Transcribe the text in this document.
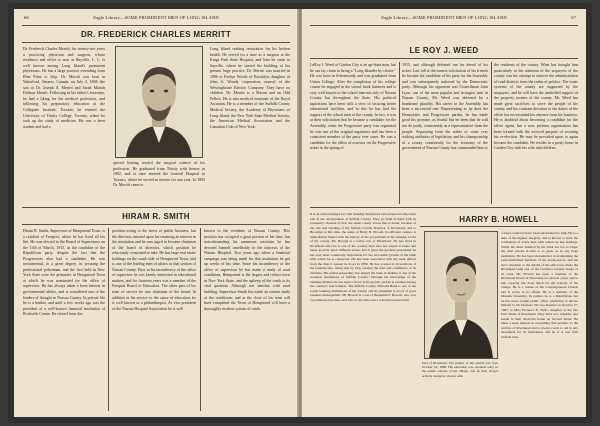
66	Eagle Library—SOME PROMINENT MEN OF LONG ISLAND
DR. FREDERICK CHARLES MERRITT
Dr. Frederick Charles Merritt, for twenty-two years a practicing physician and surgeon, whose residence and office is now at Bayville, L. I., is well known among Long Island's prominent physicians. He has a large practice extending from Blue Point to Islip. Dr. Merritt was born in Waterford, Ontario, Canada, on July 4, 1868, the son of Dr. Joseph A. Merritt and Sarah Mariah Dobson Merritt. Following in his father's footsteps, he had a liking for the medical profession, and following his preparatory education at the Collegiate Institute, Toronto, he entered the University of Trinity College, Toronto, where he took up the study of medicine. He was a keen student and had a
special leaning toward the surgical science of his profession. He graduated from Trinity with honors in 1892, and at once entered the General Hospital in Toronto, where he served as interne for one year. In 1893 Dr. Merritt came to
Long Island seeking restoration for his broken health. He served for a time as a surgeon at the Kings Park State Hospital, and later he came to Sayville, where he started the building of his present large practice. Dr. Merritt was married in 1906 to Evelyn Woods of Brooklyn, daughter of John A. Woods, corporation counsel of the Westinghouse Electric Company. They have no children. Dr. Merritt is a Mason and an Odd Fellow. He is also medical examiner of the Royal Arcanum. He is a member of the Suffolk County Medical Society, the Academy of Physicians of Long Island, the New York State Medical Society, the American Medical Association and the Canadian Club of New York.
HIRAM R. SMITH
Hiram R. Smith, Supervisor of Hempstead Town, is a resident of Freeport, where he has lived all his life. He was elected to the Board of Supervisors on the 15th of March, 1915, as the candidate of the Republican party, despite the fact that the Progressives also had a candidate. He was instrumental, to a great degree, in securing the professional policeman, and the first held in New York State were the primaries in Hempstead Town at which he was nominated for the office of supervisor. He has always taken a keen interest in governmental affairs, and is considered one of the leaders of thought in Nassau County. In private life he is a banker, and until a few weeks ago was the president of a well-known financial institution of Rockville Centre. He retired from this
position owing to the stress of public business, but the directors insisted upon his retaining an interest in the institution and he was urged to become chairman of the board of directors, which position he reluctantly consented to take. He has large real estate holdings on the south side of Hempstead Town, and is one of the leading men of affairs in that section of Nassau County. Prior to his incumbency of the office of supervisor he was keenly interested in educational matters, and for fourteen years was a member of the Freeport Board of Education. The other part of his term of service he was chairman of the board. In addition to his service to the cause of education, he is well known as a philanthropist. As vice president of the Nassau Hospital Association he is well
known to the residents of Nassau County. This position has occupied a great portion of his time, but notwithstanding his numerous activities he has devoted himself unselfishly to the interests of the Nassau Hospital. Two years ago when a financial campaign was being made for that institution he got up weeks of his time. Since his incumbency of the office of supervisor he has made a study of road conditions. Hempstead is the largest and richest town in New York State, and the upkeep of the roads is its vital question. Although not familiar with road building, Supervisor Smith has made an earnest study of the conditions, and at the close of his term will have completed the Town of Hempstead will have a thoroughly modern system of roads.
Eagle Library—SOME PROMINENT MEN OF LONG ISLAND	67
LE ROY J. WEED
LeRoy J. Weed of Garden City is an up-State man, but he can lay claim to being a "Long Islander by choice." He was born in Schenectady and was graduated from Union College. After the completion of his college course he engaged in the school book business and is very well known to the school men not only of Nassau County but throughout the State. His political aspirations have been with a view of securing better educational facilities, and in this he has had the support of the school men of the county. In fact, it was at their solicitation that he became a candidate for the Assembly, when the Progressive party was organized he was one of the original organizers and has been a consistent member of the party ever since. He was a candidate for the office of assessor on the Progressive ticket in the spring of
1915, and although defeated ran far ahead of his ticket. Last fall at the earnest solicitation of his friends he became the candidate of his party for the Assembly and was subsequently indorsed by the Democratic party. Although his opponent was Councilman John Lyon, one of the most popular and strongest men in Nassau County, Mr. Weed was defeated by a handsome plurality. His career in the Assembly has been a successful one. Representing as he does the Democratic and Progressive parties, he has made good his promise, as fearful has he been that he will not do justly, consistently as a representative from the people. Separating from the rather of some very striking attributes of legislation, and his championship of a county consistently for the economy of the government of Nassau County has commanded him to
the residents of the county. What has brought him particularly to the attention of the taxpayers of the county was his attempt to remove the administration of road districts from the realm of politics. The water systems of the county are supported by the taxpayers, and he will have the undivided support of the property owners of the county. Mr. Weed has made great sacrifices to serve the people of the county, and his constant devotion to the duties of the office has necessitated his absence from his business. He is doubtful about becoming a candidate for the office again, but a new petition organization has been formed with the avowed purpose of securing his re-election. He may be prevailed upon to again become the candidate. He resides in a pretty home in Garden City with his wife and children.
It is an acknowledged fact that banking institutions have played an important part in the development of Suffolk County. They go hand in hand with its prosperity. Outside of that, the small county towns that is noted, because of the size and standing of the Suffolk County National of Riverhead, and to Brooklyn at this time, the name of Harry B. Howell, its efficient cashier, is immediately linked with the history of the government in the banking world of the county. Mr. Howell is a native son of Riverhead. He has lived in Riverhead since he is one of the country men who has stayed at home and made good in small different wares, and it gives the greatest personality he has ever been voluntarily responsible for the successful growth of the bank with which he is connected. He has been associated with the bank almost from the time it opened its doors in 1896. He has worked at all positions of the banking line, rising step by step, earning the trust and confidence of its clientele. His genial personality has helped the bank in making it one of the soundest institutions of Suffolk County. Through his knowledge of the banking business he has been a factor in its growth, and he is counted among the country's best bankers. The Suffolk County National Bank is one of the sound banking institutions of the county, and its statement is proof of good business management. Mr. Howell is a son of Benjamin F. Howell, who was a prominent man here, and who at one time was a well-known merchant
HARRY B. HOWELL
feed of Riverhead. The subject of this sketch was born October 19, 1868. His education was obtained early in the public schools of his village, and he then always actively energetic, always with
a fraud could not have been surrendered to him. He is a man of the highest integrity, and is known to have the confidence of every man with whom he has dealings. While the sums handled by his bank are not so large, the trust placed in him is as great as in any large institution. He has been instrumental in maintaining the well-established methods of his predecessors, and his strict attention to the details of his office has made the Riverhead bank one of the foremost country banks of its class. Mr. Howell has been a member of the Riverhead Board of Education for several years, and in that capacity has done much for the schools of the village. He is a trustee of the Congregational Church and is active in its affairs. He is a member of the Masonic fraternity. In politics he is a Republican, but he has never sought public office, preferring to devote himself to his business. He was married on October 27, 1897, to Miss Florence B. Wells, daughter of the late Ezra Wells of Riverhead. They have two children, and reside in their attractive home on Second Street. He takes a keen interest in everything that pertains to the welfare of Riverhead and is always ready to aid in any movement for its betterment, and he is at one with Suffolk men.
